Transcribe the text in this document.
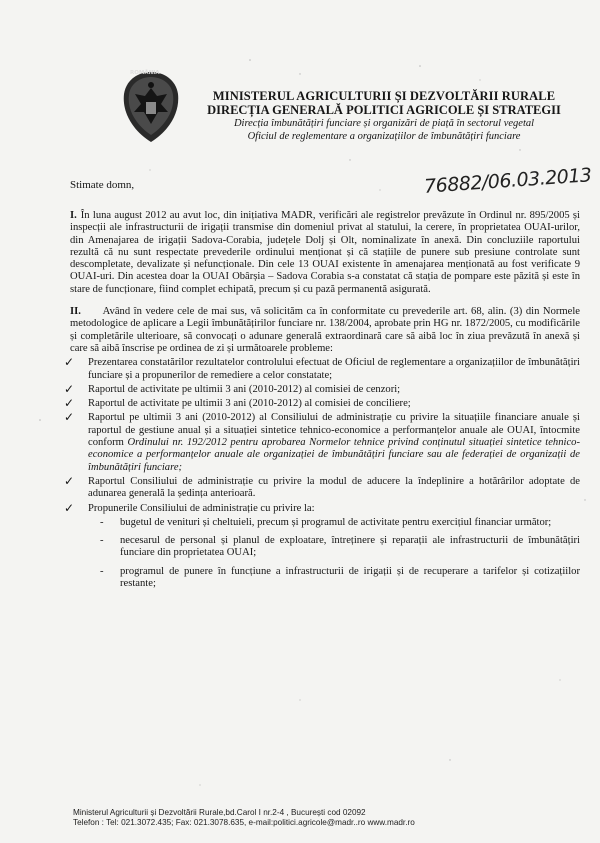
ROMÂNIA
MINISTERUL AGRICULTURII ȘI DEZVOLTĂRII RURALE
DIRECȚIA GENERALĂ POLITICI AGRICOLE ȘI STRATEGII
Direcția îmbunătățiri funciare și organizări de piață în sectorul vegetal
Oficiul de reglementare a organizațiilor de îmbunătățiri funciare
Stimate domn,	76882/06.03.2013

I. În luna august 2012 au avut loc, din inițiativa MADR, verificări ale registrelor prevăzute în Ordinul nr. 895/2005 și inspecții ale infrastructurii de irigații transmise din domeniul privat al statului, la cerere, în proprietatea OUAI-urilor, din Amenajarea de irigații Sadova-Corabia, județele Dolj și Olt, nominalizate în anexă. Din concluziile raportului rezultă că nu sunt respectate prevederile ordinului menționat și că stațiile de punere sub presiune controlate sunt descompletate, devalizate și nefuncționale. Din cele 13 OUAI existente în amenajarea menționată au fost verificate 9 OUAI-uri. Din acestea doar la OUAI Obârșia – Sadova Corabia s-a constatat că stația de pompare este păzită și este în stare de funcționare, fiind complet echipată, precum și cu pază permanentă asigurată.

II. Având în vedere cele de mai sus, vă solicităm ca în conformitate cu prevederile art. 68, alin. (3) din Normele metodologice de aplicare a Legii îmbunătățirilor funciare nr. 138/2004, aprobate prin HG nr. 1872/2005, cu modificările și completările ulterioare, să convocați o adunare generală extraordinară care să aibă loc în ziua prevăzută în anexă și care să aibă înscrise pe ordinea de zi și următoarele probleme:

✓ Prezentarea constatărilor rezultatelor controlului efectuat de Oficiul de reglementare a organizațiilor de îmbunătățiri funciare și a propunerilor de remediere a celor constatate;
✓ Raportul de activitate pe ultimii 3 ani (2010-2012) al comisiei de cenzori;
✓ Raportul de activitate pe ultimii 3 ani (2010-2012) al comisiei de conciliere;
✓ Raportul pe ultimii 3 ani (2010-2012) al Consiliului de administrație cu privire la situațiile financiare anuale și raportul de gestiune anual și a situației sintetice tehnico-economice a performanțelor anuale ale OUAI, întocmite conform Ordinului nr. 192/2012 pentru aprobarea Normelor tehnice privind conținutul situației sintetice tehnico-economice a performanțelor anuale ale organizației de îmbunătățiri funciare sau ale federației de organizații de îmbunătățiri funciare;
✓ Raportul Consiliului de administrație cu privire la modul de aducere la îndeplinire a hotărârilor adoptate de adunarea generală la ședința anterioară.
✓ Propunerile Consiliului de administrație cu privire la:
- bugetul de venituri și cheltuieli, precum și programul de activitate pentru exercițiul financiar următor;
- necesarul de personal și planul de exploatare, întreținere și reparații ale infrastructurii de îmbunătățiri funciare din proprietatea OUAI;
- programul de punere în funcțiune a infrastructurii de irigații și de recuperare a tarifelor și cotizațiilor restante;
Ministerul Agriculturii și Dezvoltării Rurale,bd.Carol I nr.2-4 , București cod 02092
Telefon : Tel: 021.3072.435; Fax: 021.3078.635, e-mail:politici.agricole@madr..ro www.madr.ro
